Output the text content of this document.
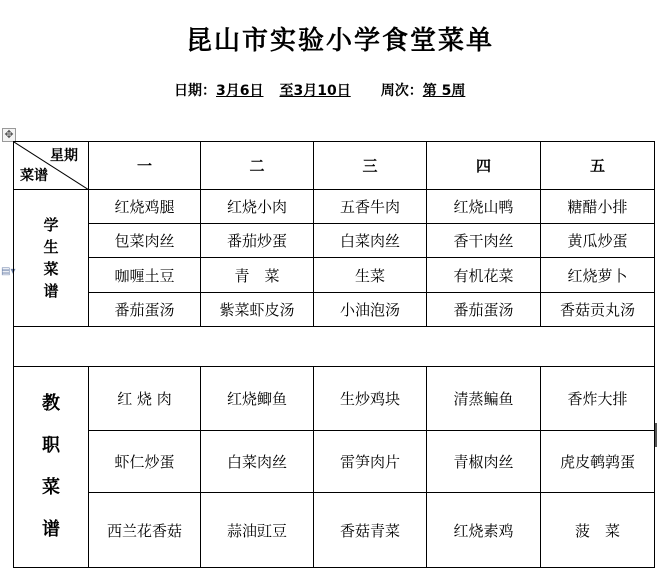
昆山市实验小学食堂菜单
日期：3月6日 至3月10日 周次：第 5周
✥
▤▾
星期
菜谱	一	二	三	四	五

学
生
菜
谱	红烧鸡腿	红烧小肉	五香牛肉	红烧山鸭	糖醋小排
	包菜肉丝	番茄炒蛋	白菜肉丝	香干肉丝	黄瓜炒蛋
	咖喱土豆	青　菜	生菜	有机花菜	红烧萝卜
	番茄蛋汤	紫菜虾皮汤	小油泡汤	番茄蛋汤	香菇贡丸汤

教
职
菜
谱	红 烧 肉	红烧鲫鱼	生炒鸡块	清蒸鳊鱼	香炸大排
	虾仁炒蛋	白菜肉丝	雷笋肉片	青椒肉丝	虎皮鹌鹑蛋
	西兰花香菇	蒜油豇豆	香菇青菜	红烧素鸡	菠　菜
